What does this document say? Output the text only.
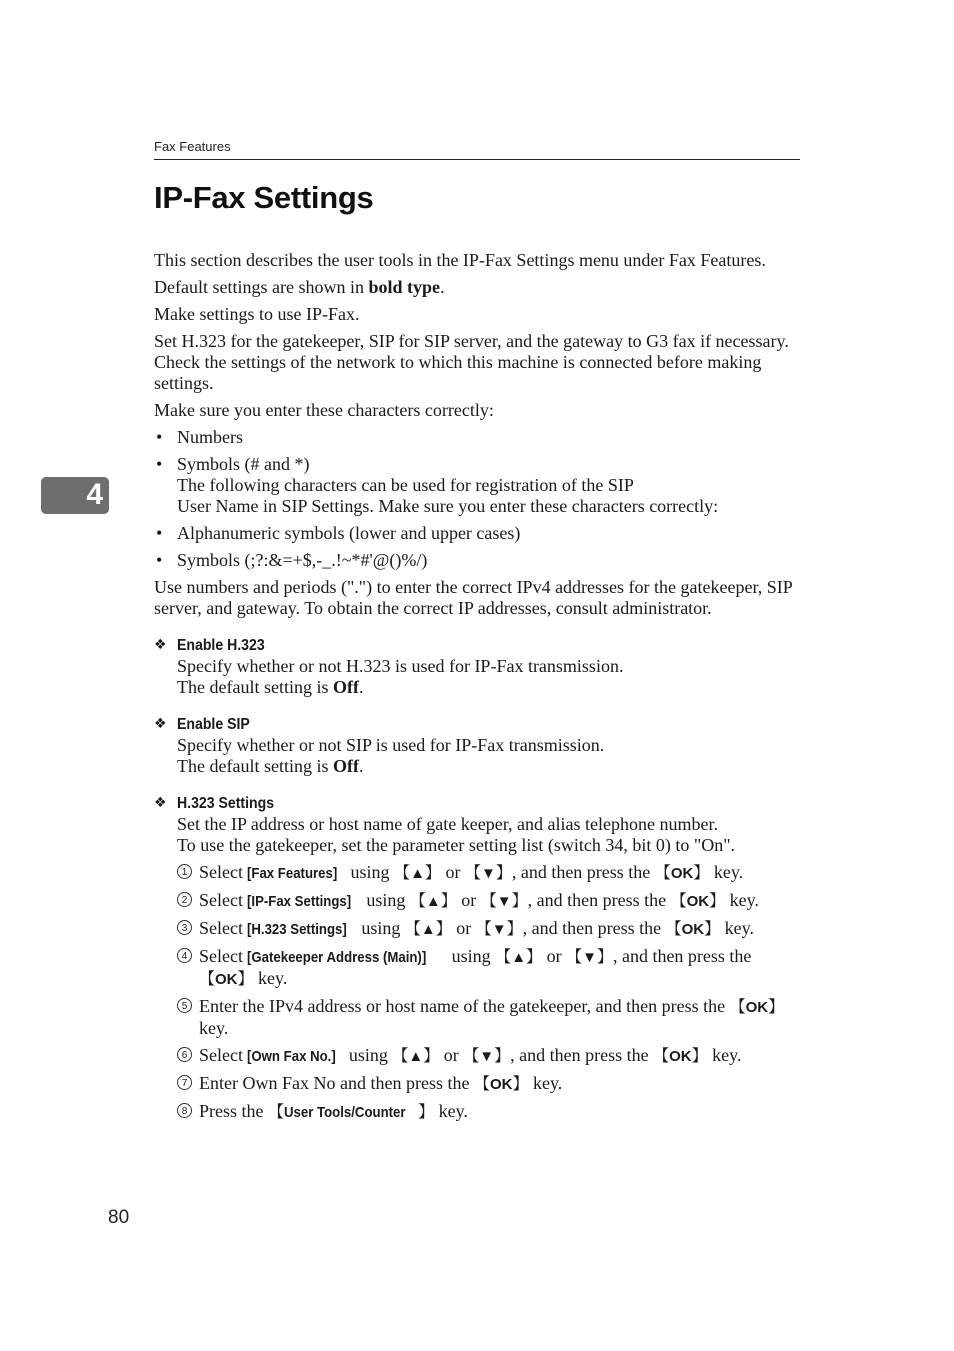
Fax Features
IP-Fax Settings
4

This section describes the user tools in the IP-Fax Settings menu under Fax Features.

Default settings are shown in bold type.

Make settings to use IP-Fax.

Set H.323 for the gatekeeper, SIP for SIP server, and the gateway to G3 fax if necessary. Check the settings of the network to which this machine is connected before making settings.

Make sure you enter these characters correctly:

• Numbers
• Symbols (# and *)
The following characters can be used for registration of the SIP
User Name in SIP Settings. Make sure you enter these characters correctly:
• Alphanumeric symbols (lower and upper cases)
• Symbols (;?:&=+$,-_.!~*#'@()%/)

Use numbers and periods (".") to enter the correct IPv4 addresses for the gatekeeper, SIP server, and gateway. To obtain the correct IP addresses, consult administrator.

❖ Enable H.323
Specify whether or not H.323 is used for IP-Fax transmission.
The default setting is Off.
❖ Enable SIP
Specify whether or not SIP is used for IP-Fax transmission.
The default setting is Off.
❖ H.323 Settings
Set the IP address or host name of gate keeper, and alias telephone number.
To use the gatekeeper, set the parameter setting list (switch 34, bit 0) to "On".
1 Select [Fax Features] using 【▲】 or 【▼】, and then press the 【OK】 key.
2 Select [IP-Fax Settings] using 【▲】 or 【▼】, and then press the 【OK】 key.
3 Select [H.323 Settings] using 【▲】 or 【▼】, and then press the 【OK】 key.
4 Select [Gatekeeper Address (Main)] using 【▲】 or 【▼】, and then press the 【OK】 key.
5 Enter the IPv4 address or host name of the gatekeeper, and then press the 【OK】 key.
6 Select [Own Fax No.] using 【▲】 or 【▼】, and then press the 【OK】 key.
7 Enter Own Fax No and then press the 【OK】 key.
8 Press the 【User Tools/Counter 】 key.
80
